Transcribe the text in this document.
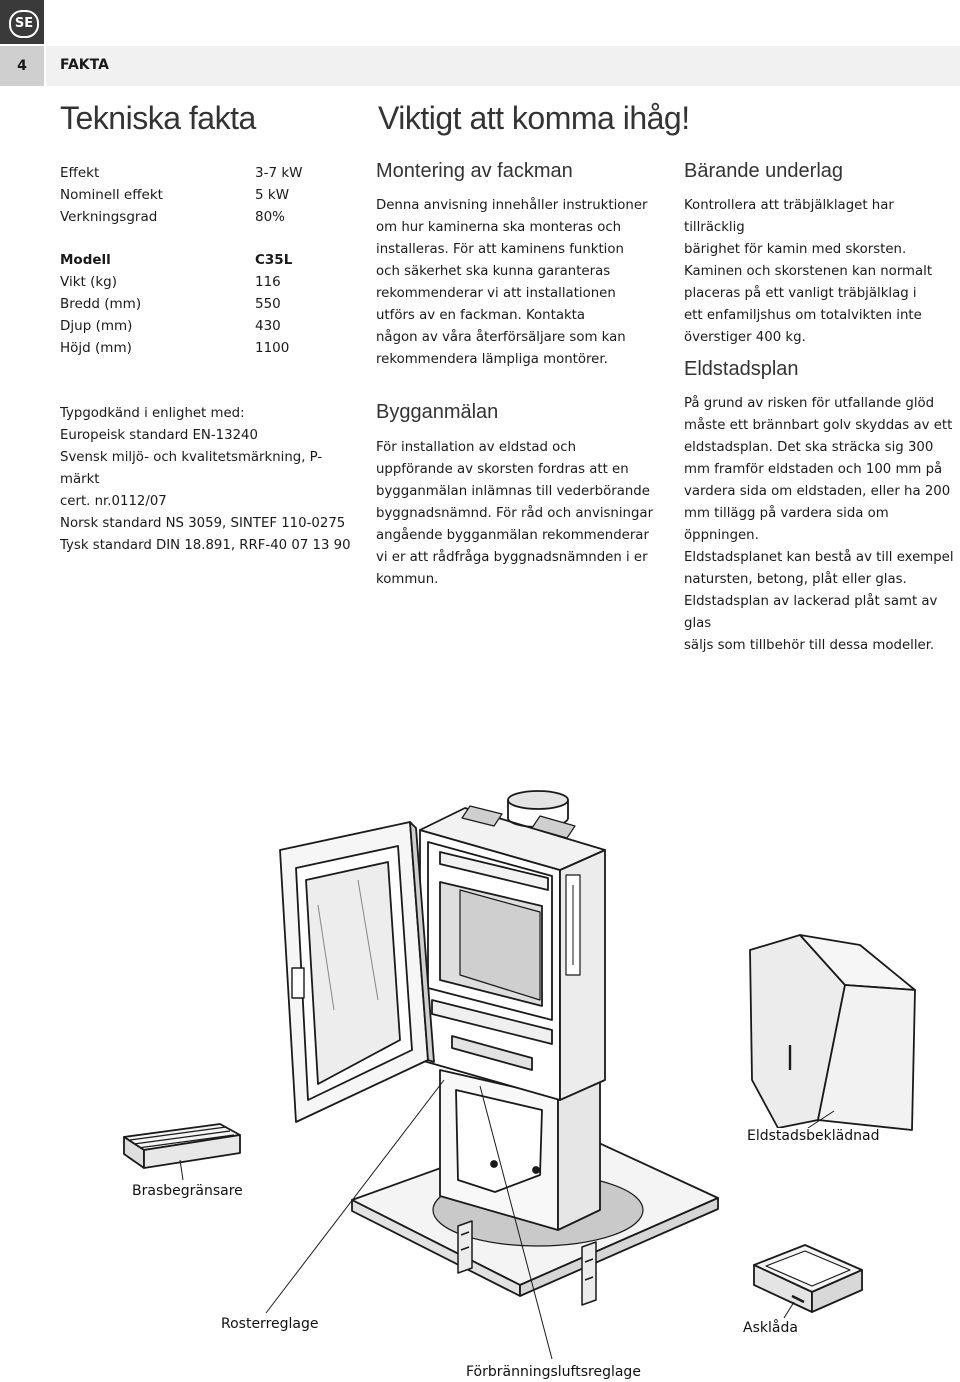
SE
4	FAKTA
Tekniska fakta
Effekt	3-7 kW
Nominell effekt	5 kW
Verkningsgrad	80%
Modell	C35L
Vikt (kg)	116
Bredd (mm)	550
Djup (mm)	430
Höjd (mm)	1100
Typgodkänd i enlighet med:
Europeisk standard EN-13240
Svensk miljö- och kvalitetsmärkning, P-märkt
cert. nr.0112/07
Norsk standard NS 3059, SINTEF 110-0275
Tysk standard DIN 18.891, RRF-40 07 13 90
Viktigt att komma ihåg!
Montering av fackman

Denna anvisning innehåller instruktioner

om hur kaminerna ska monteras och

installeras. För att kaminens funktion

och säkerhet ska kunna garanteras

rekommenderar vi att installationen

utförs av en fackman. Kontakta

någon av våra återförsäljare som kan

rekommendera lämpliga montörer.

Bygganmälan

För installation av eldstad och

uppförande av skorsten fordras att en

bygganmälan inlämnas till vederbörande

byggnadsnämnd. För råd och anvisningar

angående bygganmälan rekommenderar

vi er att rådfråga byggnadsnämnden i er

kommun.

Bärande underlag
Kontrollera att träbjälklaget har tillräcklig
bärighet för kamin med skorsten.
Kaminen och skorstenen kan normalt
placeras på ett vanligt träbjälklag i
ett enfamiljshus om totalvikten inte
överstiger 400 kg.
Eldstadsplan
På grund av risken för utfallande glöd
måste ett brännbart golv skyddas av ett
eldstadsplan. Det ska sträcka sig 300
mm framför eldstaden och 100 mm på
vardera sida om eldstaden, eller ha 200
mm tillägg på vardera sida om öppningen.
Eldstadsplanet kan bestå av till exempel
natursten, betong, plåt eller glas.
Eldstadsplan av lackerad plåt samt av glas
säljs som tillbehör till dessa modeller.
Eldstadsbeklädnad
Brasbegränsare
Rosterreglage	Asklåda
Förbränningsluftsreglage
